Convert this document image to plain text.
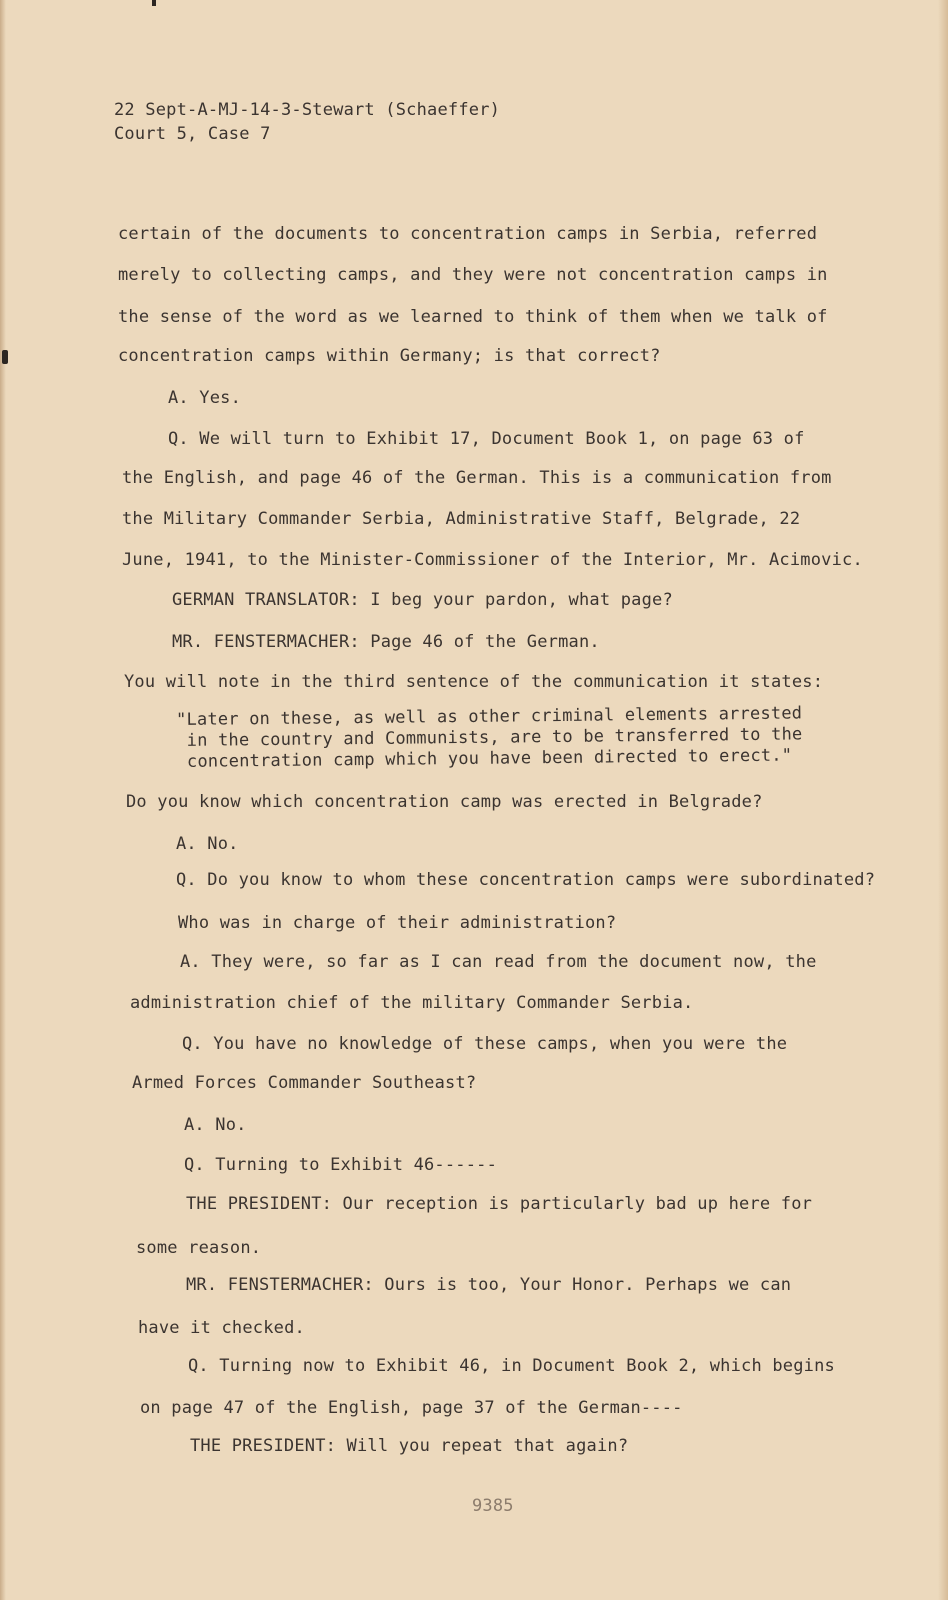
22 Sept-A-MJ-14-3-Stewart (Schaeffer)
Court 5, Case 7
certain of the documents to concentration camps in Serbia, referred
merely to collecting camps, and they were not concentration camps in
the sense of the word as we learned to think of them when we talk of
concentration camps within Germany; is that correct?
A. Yes.
Q. We will turn to Exhibit 17, Document Book 1, on page 63 of
the English, and page 46 of the German. This is a communication from
the Military Commander Serbia, Administrative Staff, Belgrade, 22
June, 1941, to the Minister-Commissioner of the Interior, Mr. Acimovic.
GERMAN TRANSLATOR: I beg your pardon, what page?
MR. FENSTERMACHER: Page 46 of the German.
You will note in the third sentence of the communication it states:
"Later on these, as well as other criminal elements arrested
in the country and Communists, are to be transferred to the
concentration camp which you have been directed to erect."
Do you know which concentration camp was erected in Belgrade?
A. No.
Q. Do you know to whom these concentration camps were subordinated?
Who was in charge of their administration?
A. They were, so far as I can read from the document now, the
administration chief of the military Commander Serbia.
Q. You have no knowledge of these camps, when you were the
Armed Forces Commander Southeast?
A. No.
Q. Turning to Exhibit 46------
THE PRESIDENT: Our reception is particularly bad up here for
some reason.
MR. FENSTERMACHER: Ours is too, Your Honor. Perhaps we can
have it checked.
Q. Turning now to Exhibit 46, in Document Book 2, which begins
on page 47 of the English, page 37 of the German----
THE PRESIDENT: Will you repeat that again?
9385
